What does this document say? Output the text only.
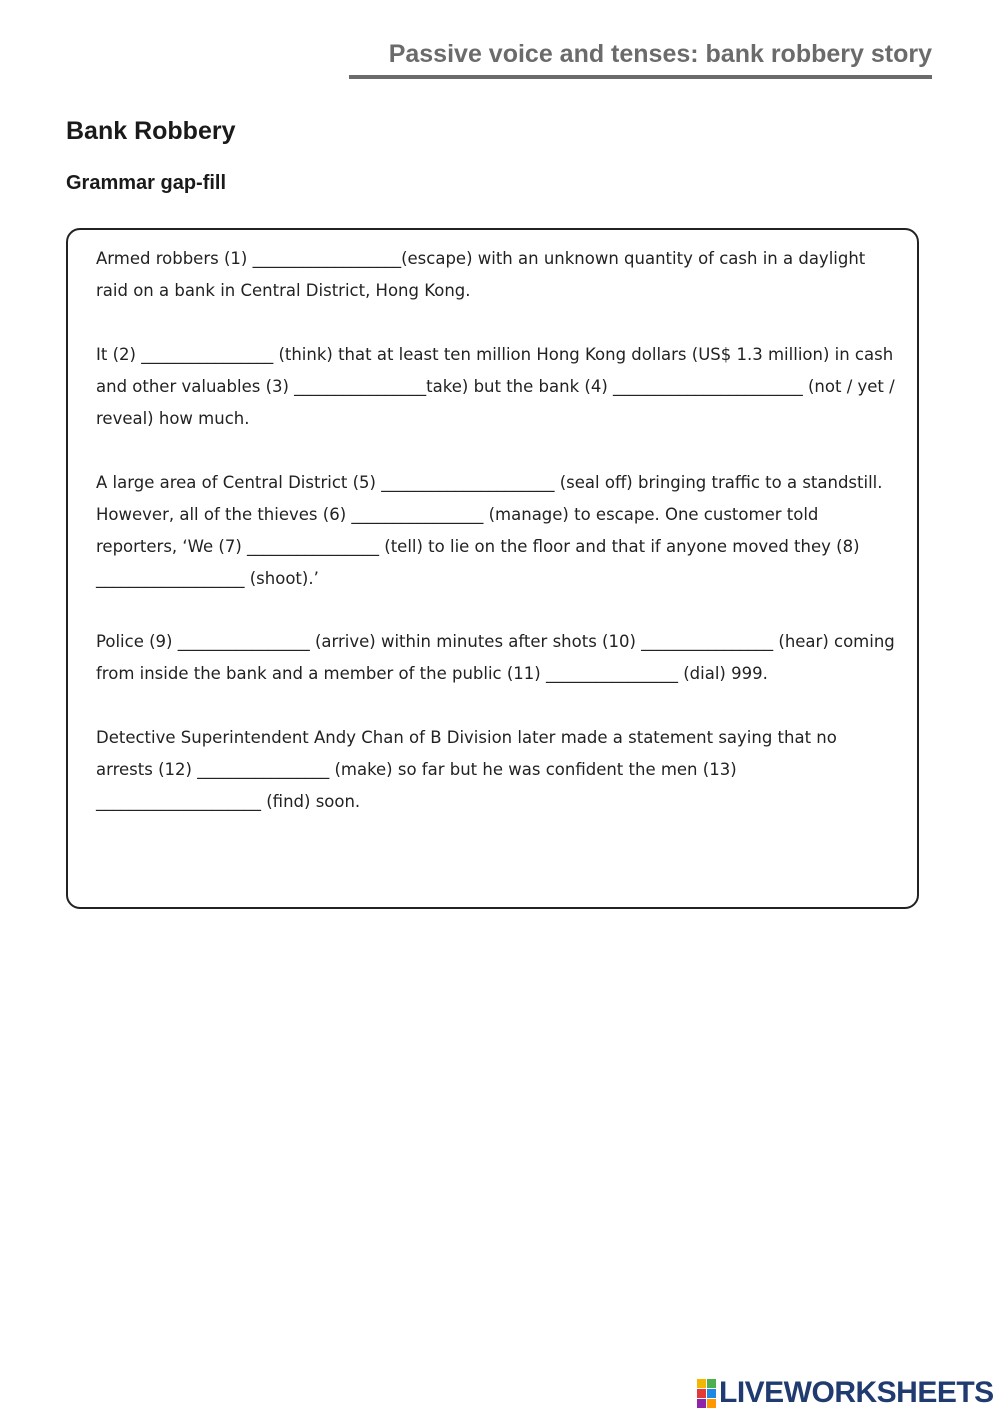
Passive voice and tenses: bank robbery story
Bank Robbery
Grammar gap-fill

Armed robbers (1) __________________(escape) with an unknown quantity of cash in a daylight raid on a bank in Central District, Hong Kong.

It (2) ________________ (think) that at least ten million Hong Kong dollars (US$ 1.3 million) in cash and other valuables (3) ________________take) but the bank (4) _______________________ (not / yet / reveal) how much.

A large area of Central District (5) _____________________ (seal off) bringing traffic to a standstill. However, all of the thieves (6) ________________ (manage) to escape. One customer told reporters, ‘We (7) ________________ (tell) to lie on the floor and that if anyone moved they (8) __________________ (shoot).’

Police (9) ________________ (arrive) within minutes after shots (10) ________________ (hear) coming from inside the bank and a member of the public (11) ________________ (dial) 999.

Detective Superintendent Andy Chan of B Division later made a statement saying that no arrests (12) ________________ (make) so far but he was confident the men (13) ____________________ (find) soon.

LIVEWORKSHEETS
